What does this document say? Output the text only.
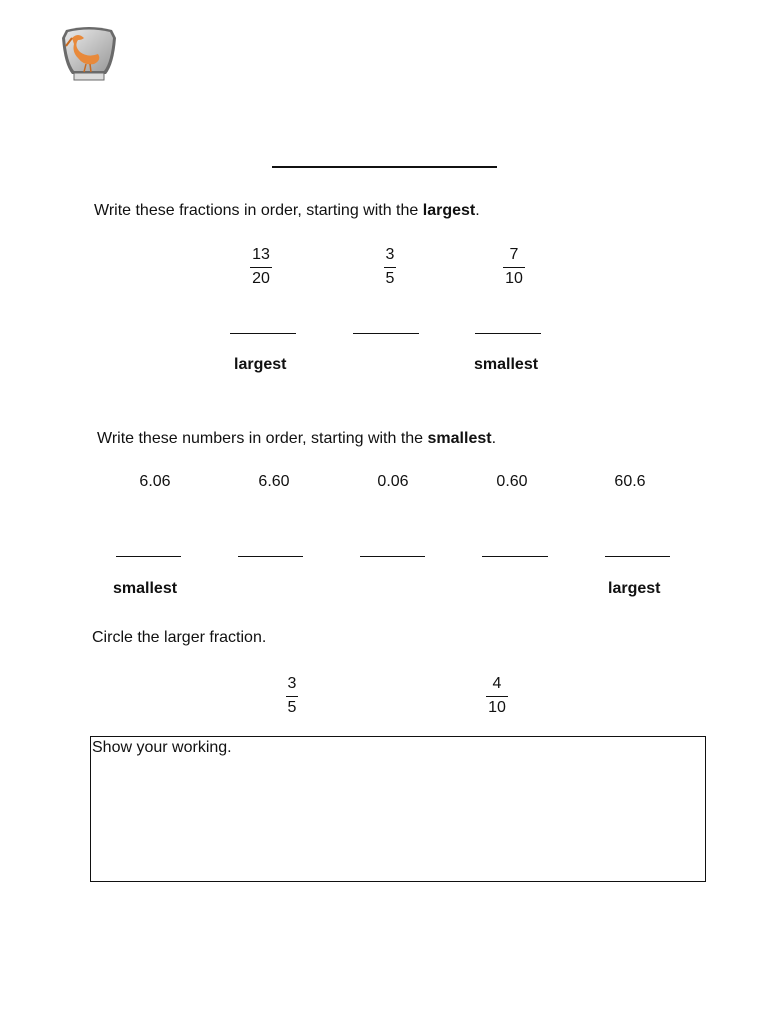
Write these fractions in order, starting with the largest.
13
20
3
5
7
10
largest	smallest
Write these numbers in order, starting with the smallest.
6.06	6.60	0.06	0.60	60.6
smallest	largest
Circle the larger fraction.
3
5
4
10
Show your working.
